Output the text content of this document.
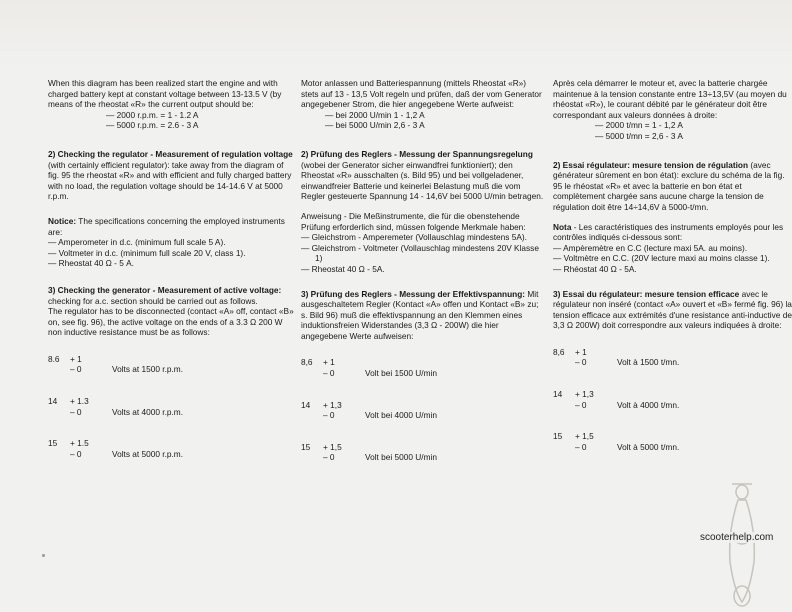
When this diagram has been realized start the engine and with charged battery kept at constant voltage between 13-13.5 V (by means of the rheostat «R» the current output should be:
— 2000 r.p.m. = 1 - 1.2 A
— 5000 r.p.m. = 2.6 - 3 A

2) Checking the regulator - Measurement of regulation voltage (with certainly efficient regulator): take away from the diagram of fig. 95 the rheostat «R» and with efficient and fully charged battery with no load, the regulation voltage should be 14-14.6 V at 5000 r.p.m.

Notice: The specifications concerning the employed instruments are:

— Amperometer in d.c. (minimum full scale 5 A).
— Voltmeter in d.c. (minimum full scale 20 V, class 1).
— Rheostat 40 Ω - 5 A.

3) Checking the generator - Measurement of active voltage: checking for a.c. section should be carried out as follows.
The regulator has to be disconnected (contact «A» off, contact «B» on, see fig. 96), the active voltage on the ends of a 3.3 Ω 200 W non inductive resistance must be as follows:

8.6	+ 1	
	– 0	Volts at 1500 r.p.m.

14	+ 1.3	
	– 0	Volts at 4000 r.p.m.

15	+ 1.5	
	– 0	Volts at 5000 r.p.m.

Motor anlassen und Batteriespannung (mittels Rheostat «R») stets auf 13 - 13,5 Volt regeln und prüfen, daß der vom Generator angegebener Strom, die hier angegebene Werte aufweist:
— bei 2000 U/min 1 - 1,2 A
— bei 5000 U/min 2,6 - 3 A

2) Prüfung des Reglers - Messung der Spannungsregelung (wobei der Generator sicher einwandfrei funktioniert); den Rheostat «R» ausschalten (s. Bild 95) und bei vollgeladener, einwandfreier Batterie und keinerlei Belastung muß die vom Regler gesteuerte Spannung 14 - 14,6V bei 5000 U/min betragen.

Anweisung - Die Meßinstrumente, die für die obenstehende Prüfung erforderlich sind, müssen folgende Merkmale haben:

— Gleichstrom - Amperemeter (Vollauschlag mindestens 5A).
— Gleichstrom - Voltmeter (Vollauschlag mindestens 20V Klasse 1)
— Rheostat 40 Ω - 5A.

3) Prüfung des Reglers - Messung der Effektivspannung: Mit ausgeschaltetem Regler (Kontact «A» offen und Kontact «B» zu; s. Bild 96) muß die effektivspannung an den Klemmen eines induktionsfreien Widerstandes (3,3 Ω - 200W) die hier angegebene Werte aufweisen:

8,6	+ 1	
	– 0	Volt bei 1500 U/min

14	+ 1,3	
	– 0	Volt bei 4000 U/min

15	+ 1,5	
	– 0	Volt bei 5000 U/min

Après cela démarrer le moteur et, avec la batterie chargée maintenue à la tension constante entre 13÷13,5V (au moyen du rhéostat «R»), le courant débité par le générateur doit être correspondant aux valeurs données à droite:
— 2000 t/mn = 1 - 1,2 A
— 5000 t/mn = 2,6 - 3 A

2) Essai régulateur: mesure tension de régulation (avec générateur sûrement en bon état): exclure du schéma de la fig. 95 le rhéostat «R» et avec la batterie en bon état et complètement chargée sans aucune charge la tension de régulation doit être 14÷14,6V à 5000-t/mn.

Nota - Les caractéristiques des instruments employés pour les contrôles indiqués ci-dessous sont:

— Ampèremètre en C.C (lecture maxi 5A. au moins).
— Voltmètre en C.C. (20V lecture maxi au moins classe 1).
— Rhéostat 40 Ω - 5A.

3) Essai du régulateur: mesure tension efficace avec le régulateur non inséré (contact «A» ouvert et «B» fermé fig. 96) la tension efficace aux extrémités d'une resistance anti-inductive de 3,3 Ω 200W) doit correspondre aux valeurs indiquées à droite:

8,6	+ 1	
	– 0	Volt à 1500 t/mn.

14	+ 1,3	
	– 0	Volt à 4000 t/mn.

15	+ 1,5	
	– 0	Volt à 5000 t/mn.
scooterhelp.com
